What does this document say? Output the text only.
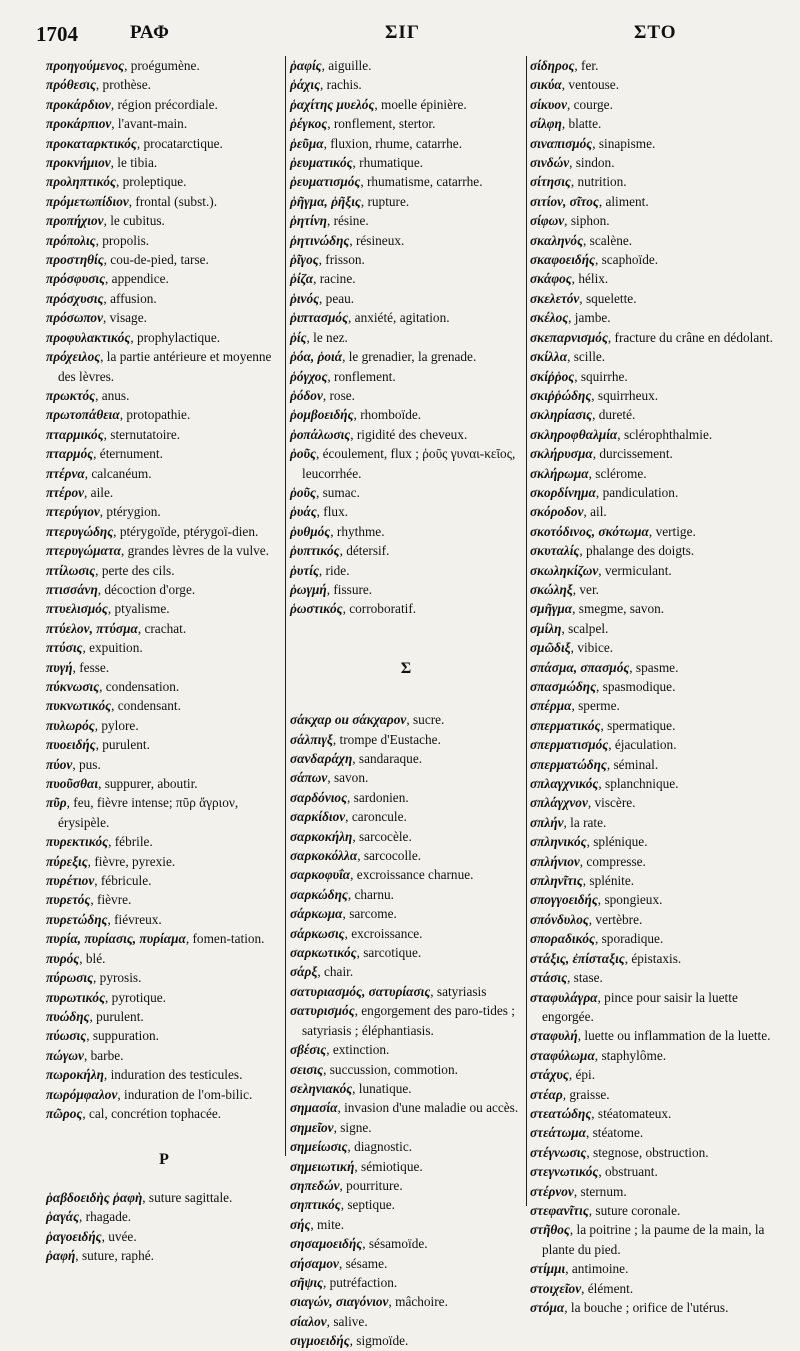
1704	ΡΑΦ	ΣΙΓ	ΣΤΟ
προηγούμενος, proégumène.
πρόθεσις, prothèse.
προκάρδιον, région précordiale.
προκάρπιον, l'avant-main.
προκαταρκτικός, procatarctique.
προκνήμιον, le tibia.
προληπτικός, proleptique.
πρόμετωπίδιον, frontal (subst.).
προπήχιον, le cubitus.
πρόπολις, propolis.
προστηθίς, cou-de-pied, tarse.
πρόσφυσις, appendice.
πρόσχυσις, affusion.
πρόσωπον, visage.
προφυλακτικός, prophylactique.
πρόχειλος, la partie antérieure et moyenne des lèvres.
πρωκτός, anus.
πρωτοπάθεια, protopathie.
πταρμικός, sternutatoire.
πταρμός, éternument.
πτέρνα, calcanéum.
πτέρον, aile.
πτερύγιον, ptérygion.
πτερυγώδης, ptérygoïde, ptérygoï-dien.
πτερυγώματα, grandes lèvres de la vulve.
πτίλωσις, perte des cils.
πτισσάνη, décoction d'orge.
πτυελισμός, ptyalisme.
πτύελον, πτύσμα, crachat.
πτύσις, expuition.
πυγή, fesse.
πύκνωσις, condensation.
πυκνωτικός, condensant.
πυλωρός, pylore.
πυοειδής, purulent.
πύον, pus.
πυοῦσθαι, suppurer, aboutir.
πῦρ, feu, fièvre intense; πῦρ ἄγριον, érysipèle.
πυρεκτικός, fébrile.
πύρεξις, fièvre, pyrexie.
πυρέτιον, fébricule.
πυρετός, fièvre.
πυρετώδης, fiévreux.
πυρία, πυρίασις, πυρίαμα, fomen-tation.
πυρός, blé.
πύρωσις, pyrosis.
πυρωτικός, pyrotique.
πυώδης, purulent.
πύωσις, suppuration.
πώγων, barbe.
πωροκήλη, induration des testicules.
πωρόμφαλον, induration de l'om-bilic.
πῶρος, cal, concrétion tophacée.
P
ῥαβδοειδὴς ῥαφὴ, suture sagittale.
ῥαγάς, rhagade.
ῥαγοειδής, uvée.
ῥαφή, suture, raphé.
ῥαφίς, aiguille.
ῥάχις, rachis.
ῥαχίτης μυελός, moelle épinière.
ῥέγκος, ronflement, stertor.
ῥεῦμα, fluxion, rhume, catarrhe.
ῥευματικός, rhumatique.
ῥευματισμός, rhumatisme, catarrhe.
ῥῆγμα, ῥῆξις, rupture.
ῥητίνη, résine.
ῥητινώδης, résineux.
ῥῖγος, frisson.
ῥίζα, racine.
ῥινός, peau.
ῥιπτασμός, anxiété, agitation.
ῥίς, le nez.
ῥόα, ῥοιά, le grenadier, la grenade.
ῥόγχος, ronflement.
ῥόδον, rose.
ῥομβοειδής, rhomboïde.
ῥοπάλωσις, rigidité des cheveux.
ῥοῦς, écoulement, flux ; ῥοῦς γυναι-κεῖος, leucorrhée.
ῥοῦς, sumac.
ῥυάς, flux.
ῥυθμός, rhythme.
ῥυπτικός, détersif.
ῥυτίς, ride.
ῥωγμή, fissure.
ῥωστικός, corroboratif.
Σ
σάκχαρ ou σάκχαρον, sucre.
σάλπιγξ, trompe d'Eustache.
σανδαράχη, sandaraque.
σάπων, savon.
σαρδόνιος, sardonien.
σαρκίδιον, caroncule.
σαρκοκήλη, sarcocèle.
σαρκοκόλλα, sarcocolle.
σαρκοφυΐα, excroissance charnue.
σαρκώδης, charnu.
σάρκωμα, sarcome.
σάρκωσις, excroissance.
σαρκωτικός, sarcotique.
σάρξ, chair.
σατυριασμός, σατυρίασις, satyriasis
σατυρισμός, engorgement des paro-tides ; satyriasis ; éléphantiasis.
σβέσις, extinction.
σεισις, succussion, commotion.
σεληνιακός, lunatique.
σημασία, invasion d'une maladie ou accès.
σημεῖον, signe.
σημείωσις, diagnostic.
σημειωτική, sémiotique.
σηπεδών, pourriture.
σηπτικός, septique.
σής, mite.
σησαμοειδής, sésamoïde.
σήσαμον, sésame.
σῆψις, putréfaction.
σιαγών, σιαγόνιον, mâchoire.
σίαλον, salive.
σιγμοειδής, sigmoïde.
σίδηρος, fer.
σικύα, ventouse.
σίκυον, courge.
σίλφη, blatte.
σιναπισμός, sinapisme.
σινδών, sindon.
σίτησις, nutrition.
σιτίον, σῖτος, aliment.
σίφων, siphon.
σκαληνός, scalène.
σκαφοειδής, scaphoïde.
σκάφος, hélix.
σκελετόν, squelette.
σκέλος, jambe.
σκεπαρνισμός, fracture du crâne en dédolant.
σκίλλα, scille.
σκίῤῥος, squirrhe.
σκιῤῥώδης, squirrheux.
σκληρίασις, dureté.
σκληροφθαλμία, sclérophthalmie.
σκλήρυσμα, durcissement.
σκλήρωμα, sclérome.
σκορδίνημα, pandiculation.
σκόροδον, ail.
σκοτόδινος, σκότωμα, vertige.
σκυταλίς, phalange des doigts.
σκωληκίζων, vermiculant.
σκώληξ, ver.
σμῆγμα, smegme, savon.
σμίλη, scalpel.
σμῶδιξ, vibice.
σπάσμα, σπασμός, spasme.
σπασμώδης, spasmodique.
σπέρμα, sperme.
σπερματικός, spermatique.
σπερματισμός, éjaculation.
σπερματώδης, séminal.
σπλαγχνικός, splanchnique.
σπλάγχνον, viscère.
σπλήν, la rate.
σπληνικός, splénique.
σπλήνιον, compresse.
σπληνῖτις, splénite.
σπογγοειδής, spongieux.
σπόνδυλος, vertèbre.
σποραδικός, sporadique.
στάξις, ἐπίσταξις, épistaxis.
στάσις, stase.
σταφυλάγρα, pince pour saisir la luette engorgée.
σταφυλή, luette ou inflammation de la luette.
σταφύλωμα, staphylôme.
στάχυς, épi.
στέαρ, graisse.
στεατώδης, stéatomateux.
στεάτωμα, stéatome.
στέγνωσις, stegnose, obstruction.
στεγνωτικός, obstruant.
στέρνον, sternum.
στεφανῖτις, suture coronale.
στῆθος, la poitrine ; la paume de la main, la plante du pied.
στίμμι, antimoine.
στοιχεῖον, élément.
στόμα, la bouche ; orifice de l'utérus.
